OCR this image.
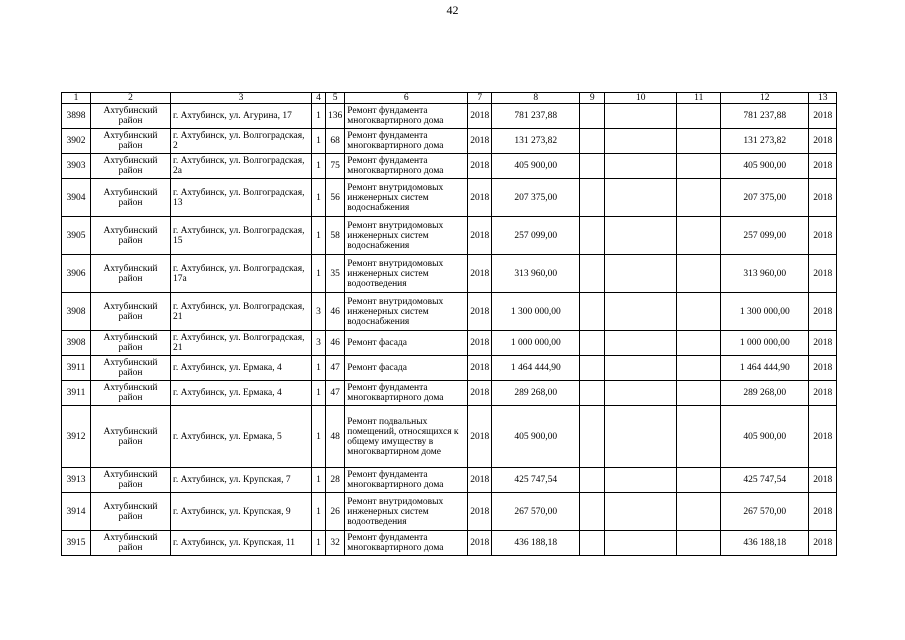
42
1	2	3	4	5	6	7	8	9	10	11	12	13
3898	Ахтубинский район	г. Ахтубинск, ул. Агурина, 17	1	136	Ремонт фундамента многоквартирного дома	2018	781 237,88				781 237,88	2018
3902	Ахтубинский район	г. Ахтубинск, ул. Волгоградская, 2	1	68	Ремонт фундамента многоквартирного дома	2018	131 273,82				131 273,82	2018
3903	Ахтубинский район	г. Ахтубинск, ул. Волгоградская, 2а	1	75	Ремонт фундамента многоквартирного дома	2018	405 900,00				405 900,00	2018
3904	Ахтубинский район	г. Ахтубинск, ул. Волгоградская, 13	1	56	Ремонт внутридомовых инженерных систем водоснабжения	2018	207 375,00				207 375,00	2018
3905	Ахтубинский район	г. Ахтубинск, ул. Волгоградская, 15	1	58	Ремонт внутридомовых инженерных систем водоснабжения	2018	257 099,00				257 099,00	2018
3906	Ахтубинский район	г. Ахтубинск, ул. Волгоградская, 17а	1	35	Ремонт внутридомовых инженерных систем водоотведения	2018	313 960,00				313 960,00	2018
3908	Ахтубинский район	г. Ахтубинск, ул. Волгоградская, 21	3	46	Ремонт внутридомовых инженерных систем водоснабжения	2018	1 300 000,00				1 300 000,00	2018
3908	Ахтубинский район	г. Ахтубинск, ул. Волгоградская, 21	3	46	Ремонт фасада	2018	1 000 000,00				1 000 000,00	2018
3911	Ахтубинский район	г. Ахтубинск, ул. Ермака, 4	1	47	Ремонт фасада	2018	1 464 444,90				1 464 444,90	2018
3911	Ахтубинский район	г. Ахтубинск, ул. Ермака, 4	1	47	Ремонт фундамента многоквартирного дома	2018	289 268,00				289 268,00	2018
3912	Ахтубинский район	г. Ахтубинск, ул. Ермака, 5	1	48	Ремонт подвальных помещений, относящихся к общему имуществу в многоквартирном доме	2018	405 900,00				405 900,00	2018
3913	Ахтубинский район	г. Ахтубинск, ул. Крупская, 7	1	28	Ремонт фундамента многоквартирного дома	2018	425 747,54				425 747,54	2018
3914	Ахтубинский район	г. Ахтубинск, ул. Крупская, 9	1	26	Ремонт внутридомовых инженерных систем водоотведения	2018	267 570,00				267 570,00	2018
3915	Ахтубинский район	г. Ахтубинск, ул. Крупская, 11	1	32	Ремонт фундамента многоквартирного дома	2018	436 188,18				436 188,18	2018
